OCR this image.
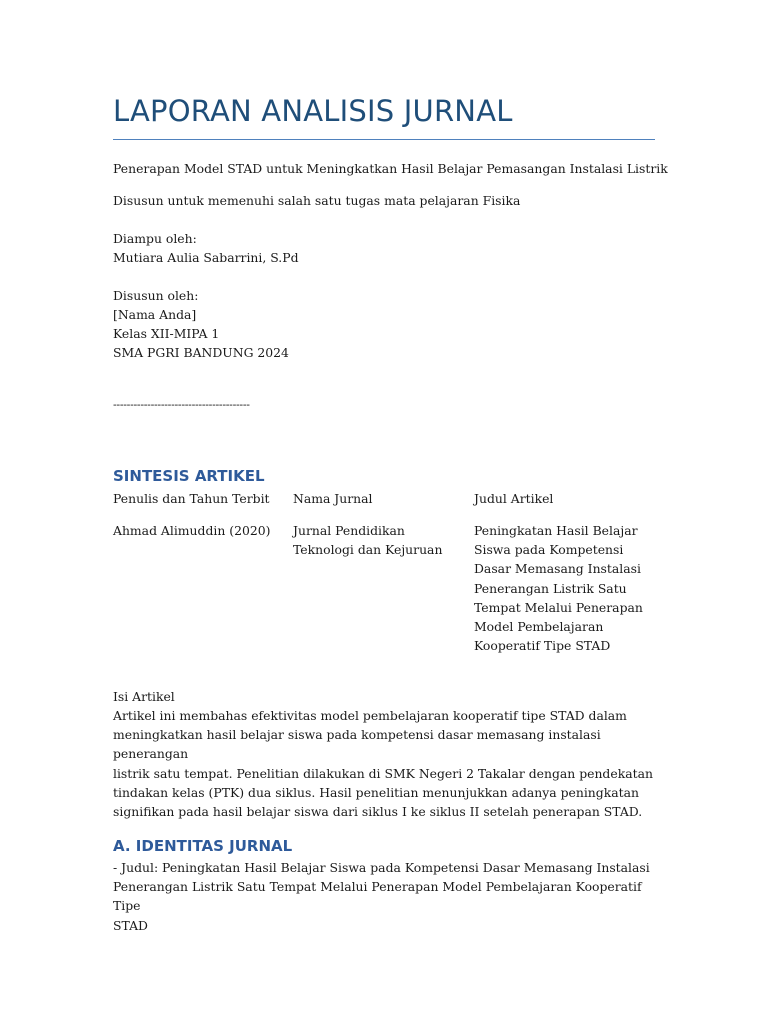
LAPORAN ANALISIS JURNAL

Penerapan Model STAD untuk Meningkatkan Hasil Belajar Pemasangan Instalasi Listrik

Disusun untuk memenuhi salah satu tugas mata pelajaran Fisika

Diampu oleh:

Mutiara Aulia Sabarrini, S.Pd

Disusun oleh:

[Nama Anda]

Kelas XII-MIPA 1

SMA PGRI BANDUNG 2024

----------------------------------------

SINTESIS ARTIKEL
Penulis dan Tahun Terbit Nama Jurnal	Judul Artikel
Ahmad Alimuddin (2020) Jurnal Pendidikan
Teknologi dan Kejuruan
Peningkatan Hasil Belajar
Siswa pada Kompetensi
Dasar Memasang Instalasi
Penerangan Listrik Satu
Tempat Melalui Penerapan
Model Pembelajaran
Kooperatif Tipe STAD

Isi Artikel

Artikel ini membahas efektivitas model pembelajaran kooperatif tipe STAD dalam
meningkatkan hasil belajar siswa pada kompetensi dasar memasang instalasi penerangan
listrik satu tempat. Penelitian dilakukan di SMK Negeri 2 Takalar dengan pendekatan
tindakan kelas (PTK) dua siklus. Hasil penelitian menunjukkan adanya peningkatan
signifikan pada hasil belajar siswa dari siklus I ke siklus II setelah penerapan STAD.
A. IDENTITAS JURNAL
- Judul: Peningkatan Hasil Belajar Siswa pada Kompetensi Dasar Memasang Instalasi
Penerangan Listrik Satu Tempat Melalui Penerapan Model Pembelajaran Kooperatif Tipe
STAD
